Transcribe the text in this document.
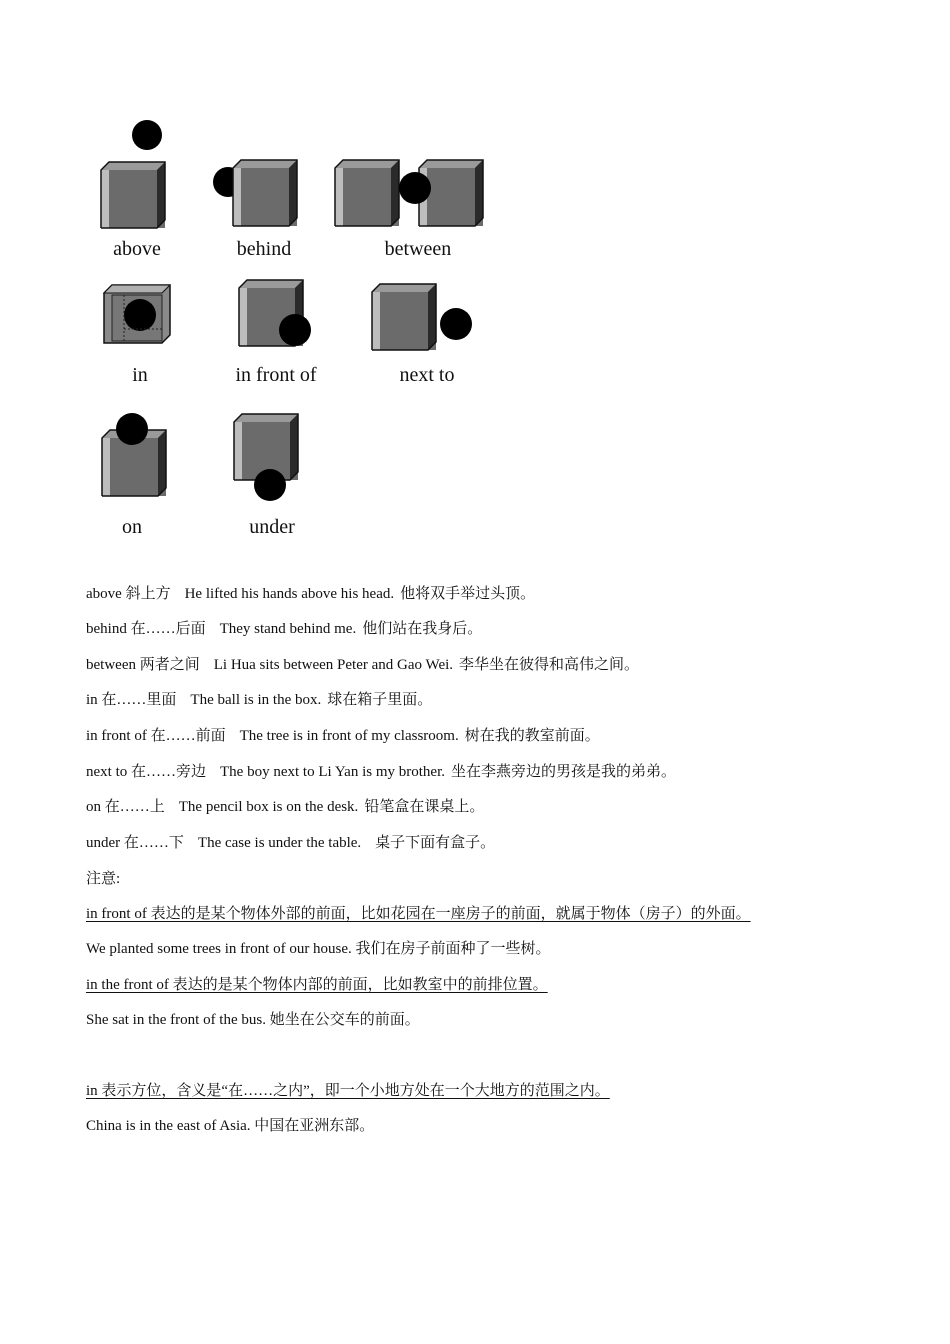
above	behind	between
in	in front of	next to
on	under
above 斜上方 He lifted his hands above his head. 他将双手举过头顶。
behind 在……后面 They stand behind me. 他们站在我身后。
between 两者之间 Li Hua sits between Peter and Gao Wei. 李华坐在彼得和高伟之间。
in 在……里面 The ball is in the box. 球在箱子里面。
in front of 在……前面 The tree is in front of my classroom. 树在我的教室前面。
next to 在……旁边 The boy next to Li Yan is my brother. 坐在李燕旁边的男孩是我的弟弟。
on 在……上 The pencil box is on the desk. 铅笔盒在课桌上。
under 在……下 The case is under the table. 桌子下面有盒子。
注意:
in front of 表达的是某个物体外部的前面，比如花园在一座房子的前面，就属于物体（房子）的外面。
We planted some trees in front of our house. 我们在房子前面种了一些树。
in the front of 表达的是某个物体内部的前面，比如教室中的前排位置。
She sat in the front of the bus. 她坐在公交车的前面。
in 表示方位，含义是“在……之内”，即一个小地方处在一个大地方的范围之内。
China is in the east of Asia. 中国在亚洲东部。
